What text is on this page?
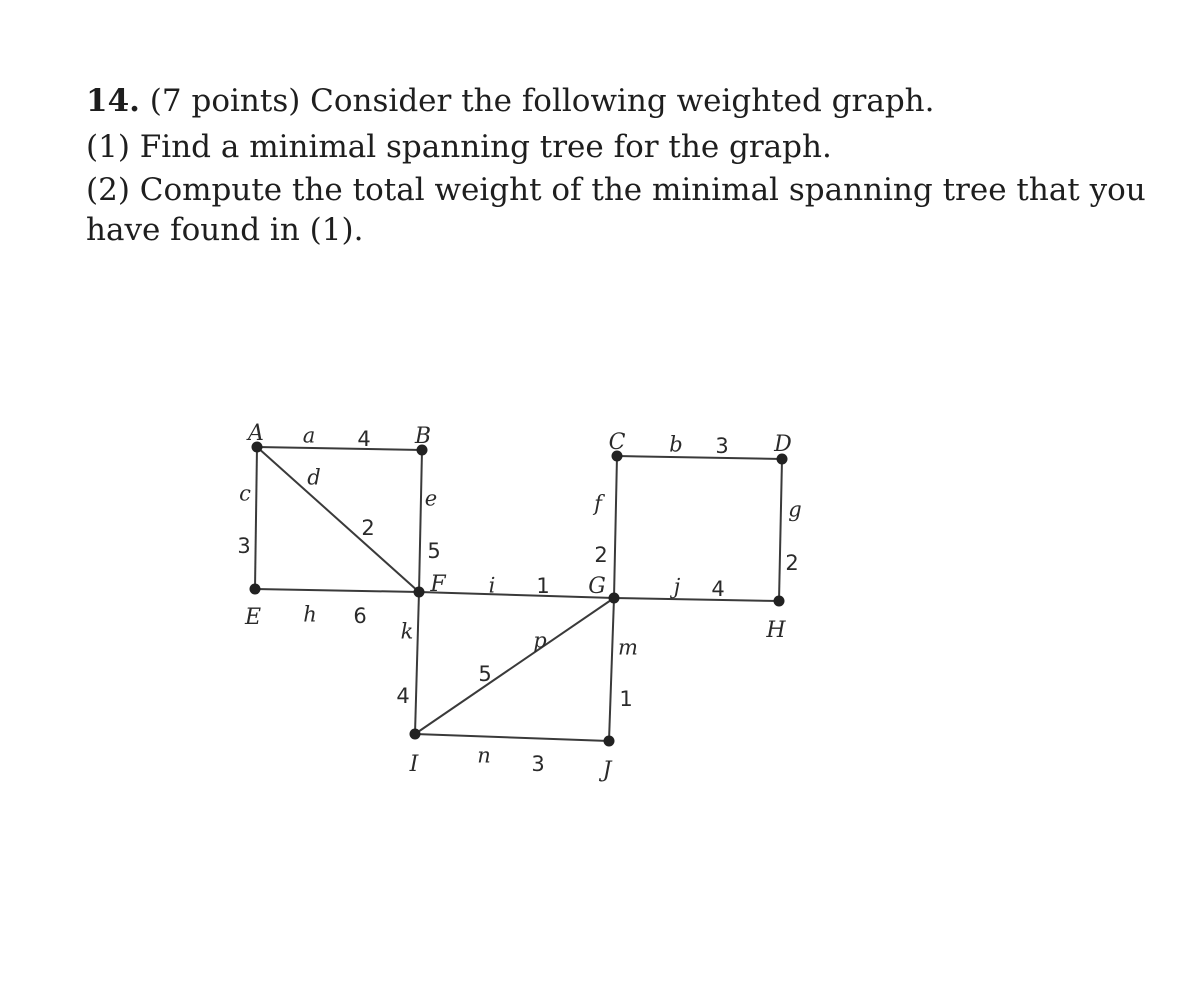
14. (7 points) Consider the following weighted graph.

(1) Find a minimal spanning tree for the graph.

(2) Compute the total weight of the minimal spanning tree that you have found in (1).

a 4	b 3
c
3
d
2
e
5
f
2
g
2
h 6
i 1	j 4
k
4
m
1
n 3
p
5
A	B	C	D
E
F	G
H
I	J
